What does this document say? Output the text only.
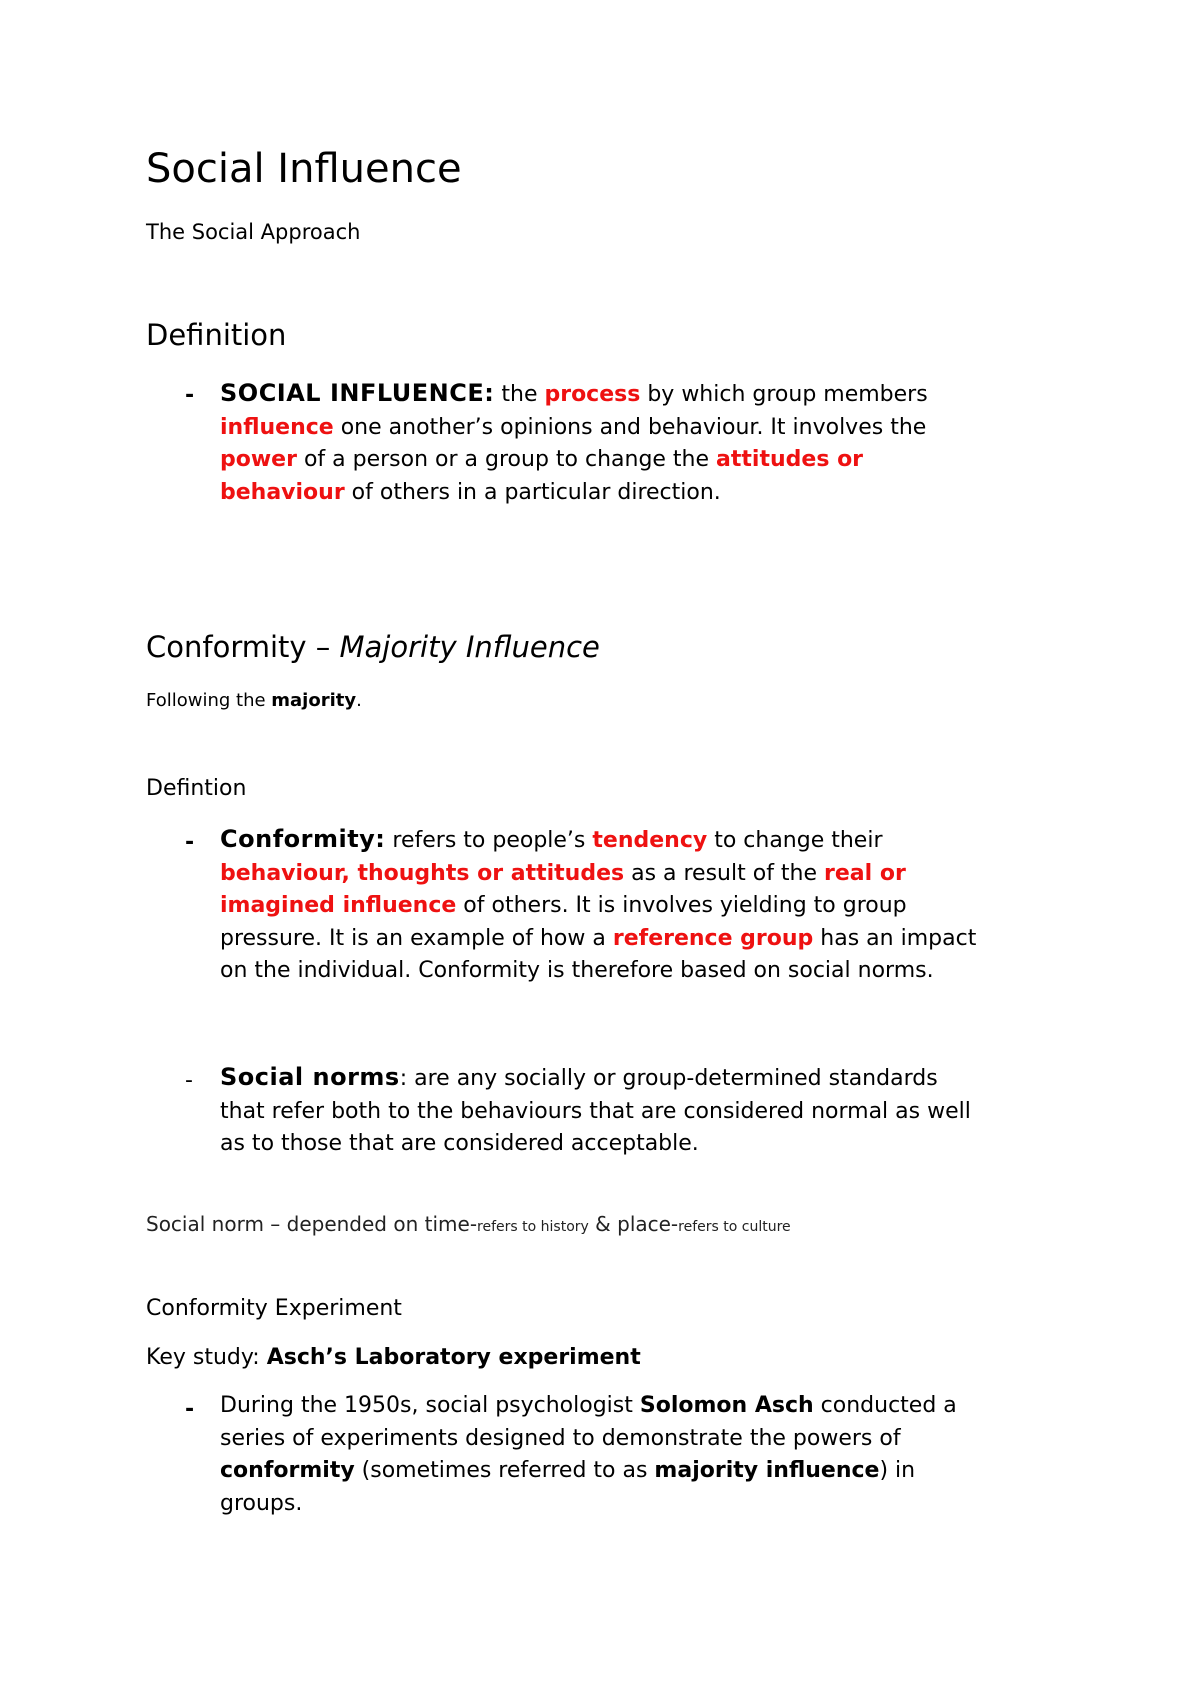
Social Influence
The Social Approach
Definition
- SOCIAL INFLUENCE: the process by which group members
influence one another’s opinions and behaviour. It involves the
power of a person or a group to change the attitudes or
behaviour of others in a particular direction.
Conformity – Majority Influence
Following the majority.
Defintion
- Conformity: refers to people’s tendency to change their
behaviour, thoughts or attitudes as a result of the real or
imagined influence of others. It is involves yielding to group
pressure. It is an example of how a reference group has an impact
on the individual. Conformity is therefore based on social norms.
- Social norms: are any socially or group-determined standards
that refer both to the behaviours that are considered normal as well
as to those that are considered acceptable.
Social norm – depended on time-refers to history & place-refers to culture
Conformity Experiment
Key study: Asch’s Laboratory experiment
- During the 1950s, social psychologist Solomon Asch conducted a
series of experiments designed to demonstrate the powers of
conformity (sometimes referred to as majority influence) in
groups.
